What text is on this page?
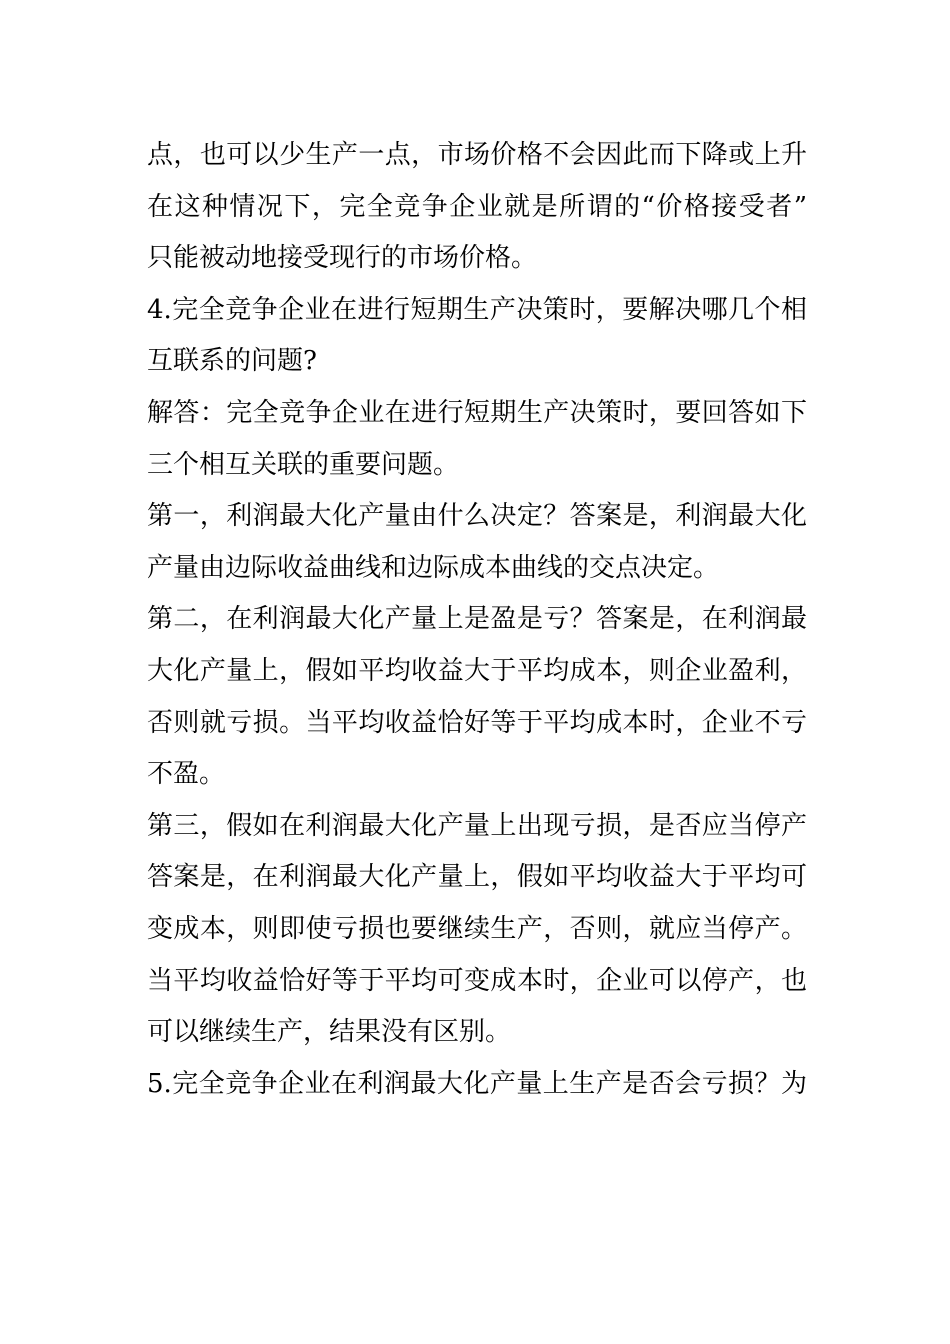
点，也可以少生产一点，市场价格不会因此而下降或上升
在这种情况下，完全竞争企业就是所谓的“价格接受者”
只能被动地接受现行的市场价格。
4.完全竞争企业在进行短期生产决策时，要解决哪几个相
互联系的问题?
解答：完全竞争企业在进行短期生产决策时，要回答如下
三个相互关联的重要问题。
第一，利润最大化产量由什么决定？答案是，利润最大化
产量由边际收益曲线和边际成本曲线的交点决定。
第二，在利润最大化产量上是盈是亏？答案是，在利润最
大化产量上，假如平均收益大于平均成本，则企业盈利，
否则就亏损。当平均收益恰好等于平均成本时，企业不亏
不盈。
第三，假如在利润最大化产量上出现亏损，是否应当停产
答案是，在利润最大化产量上，假如平均收益大于平均可
变成本，则即使亏损也要继续生产，否则，就应当停产。
当平均收益恰好等于平均可变成本时，企业可以停产，也
可以继续生产，结果没有区别。
5.完全竞争企业在利润最大化产量上生产是否会亏损？为
